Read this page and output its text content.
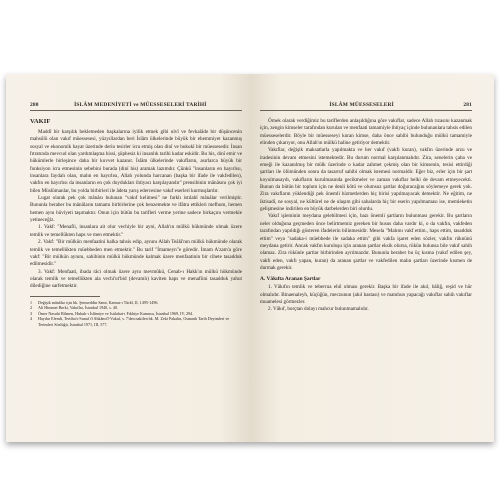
280	İSLÂM MEDENİYETİ ve MÜESSESELERİ TARİHİ
VAKIF

Maddî bir karşılık beklemeden başkalarına iyilik etmek gibi ulvî ve fevkalâde bir düşüncenin mahsûlü olan vakıf müessesesi, yüzyıllardan beri İslâm ülkelerinde büyük bir ehemmiyet kazanmış sosyal ve ekonomik hayat üzerinde derin tesirler icra etmiş olan dinî ve hukukî bir müessesedir. İnsan fıtratında mevcud olan yardımlaşma hissi, şüphesiz ki insanlık tarihi kadar eskidir. Bu his, dinî emir ve hükümlerle birleşince daha bir kuvvet kazanır. İslâm ülkelerinde vakıfların, asırlarca büyük bir fonksiyon icra etmesinin sebebini burada (dinî his) aramak lazımdır. Çünkü "insanların en hayırlısı, insanlara faydalı olan, malın en hayırlısı, Allah yolunda harcanan (başka bir ifade ile vakfedilen), vakfın en hayırlısı da insanların en çok duydukları ihtiyacı karşılayandır" prensibinin mânâsını çok iyi bilen Müslümanlar, bu yolda birbirleri ile âdeta yarış edercesine vakıf eserleri kurmuşlardır.

Lugat olarak pek çok mânâsı bulunan "vakıf kelimesi" ne farklı istılahî mânâlar verilmiştir. Bununla beraber bu mânâların tamamı birbirlerine çok benzemekte ve ifâtra ettikleri mefhum, hemen hemen aynı hüviyeti taşımaktır. Onun için bütün bu tarifleri verme yerine sadece birkaçını vermekle yetineceğiz.

1. Vakf: "Menafii, insanlara ait olur vechiyle bir ayni, Allah'ın mülkü hükmünde olmak üzere temlik ve temellükten haps ve men etmektir."

2. Vakf: "Bir mülkün menfaatini halka tahsis edip, aynını Allah Teâlâ'nın mülkü hükmünde olarak temlik ve temellükten müebbeden men etmektir." Bu tarif "İmameyn"e göredir. İmam A'zam'a göre vakf: "Bir mülkün aynını, sahibinin mülkü hükmünde kalmak üzere menfaatinin bir cihete tasadduk edilmesidir."

3. Vakf: Menfaati, ibada râci olmak üzere aynı mevmûkü, Cenab-ı Hakk'ın mülkü hükmünde olarak temlik ve temellükten ala vechi'ut'bid (devamlı) kaviten haps ve menafiini tasadduk yahut dilediğine sarfetmektir.

1	Değişik mânâlar için bk. Şemseddin Sami, Kamus-ı Türkî, II, 1495-1496.
2	Ali Himmet Berki, Vakıflar, İstanbul 1940, s. 40.
3	Ömer Nasuhi Bilmen, Hukuk-ı İslâmiye ve Istılahat-ı Fıkhiye Kamusu, İstanbul 1969, IV, 294.
4	Haydar Efendi, Tertibu's-Sunuf fî Ahkâmi'l-Vukuf, s. 7'den nakilen bk. M. Zeki Pakalın, Osmanlı Tarih Deyimleri ve Terimleri Sözlüğü, İstanbul 1971, III, 577.
İSLÂM MÜESSESELERİ	281

Örnek olarak verdiğimiz bu tariflerden anlaşıldığına göre vakıflar, sadece Allah rızasını kazanmak için, zengin kimseler tarafından kurulan ve menfaati tamamiyle ihtiyaç içinde bulunanlara tahsis edilen müesseselerdir. Böyle bir müesseseyi kuran kimse, daha önce sahibi bulunduğu mülkü tamamiyle elinden çıkarıyor, onu Allah'ın mülkü haline getiriyor demektir.

Vakıflar, değişik maksatlarla yapılmakta ve her vakıf (vakfı kuran), vakfın üzerinde arzu ve iradesinin devam etmesini istemektedir. Bu durum normal karşılanmalıdır. Zira, senelerin çaba ve emeği ile kazanılmış bir mülk üzerinde o kadar zahmet çekmiş olan bir kimsenin, tesisi ettirdiği şartları ile ölümünden sonra da tasarruf sahibi olmak istemesi normaldir. Eğer biz, erler için bir şart koyulmasaydı, vakıfların kurulmasında gecikmeler ve zaman vakıflar belki de devam etmeyecekti. Bunun da bütün bir toplum için ne denli kötü ve olumsuz şartlar doğuracağını söylemeye gerek yok. Zira vakıfların yüklendiği pek önemli hizmetlerden hiç birisi yapılmayacak demektir. Ne eğitim, ne iktisadî, ne sosyal, ne kültürel ne de ulaşım gibi sahalarda hiç bir eserin yapılmaması ise, memleketin gelişmesine indirilen en büyük darbelerden biri olurdu.

Vakıf işleminin meydana gelebilmesi için, bazı önemli şartların bulunması gerekir. Bu şartların neler olduğuna geçmeden önce belirtmemiz gereken bir husus daha vardır ki, o da vakfın, vakfeden tarafından yapıldığı gösteren ifadelerin bilinmesidir. Mesela "Malımı vakf ettim., haps ettim, tasadduk ettim" veya "sadaka-i müebbede ile sadaka ettim" gibi vakfa işaret eden sözler, vakfın rüknünü meydana getirir. Ancak vakfın kuruluşu için aranan şartlar eksik olursa, rükün bulunsa bile vakıf sahih olamaz. Zira rükünle şartlar birbirinden ayrılmazdır. Bununla beraber bu üç kısma (vakıf edilen şey, vakfı eden, vakfı yapan, kuran) da aranan şartlar ve vakfedilen malın şartları üzerinde kısmen de durmak gerekir.

A. Vâkıfta Aranan Şartlar

1. Vâkıfın temlik ve teberrua ehil olması gerekir. Başka bir ifade ile akıl, bâliğ, reşid ve hür olmalıdır. Binaenaleyh, küçüğün, meczunun (akıl hastası) ve matuhun yapacağı vakıflar sahih vakıflar muamelesi görmezler.

2. Vâkıf, borçtan dolayı mahcur bulunmamalıdır.
